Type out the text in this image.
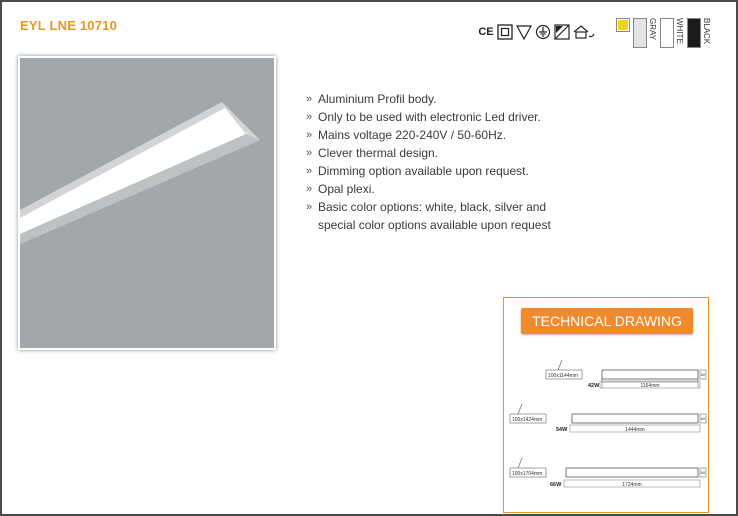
EYL LNE 10710	CE	GRAY WHITE BLACK
» Aluminium Profil body.
» Only to be used with electronic Led driver.
» Mains voltage 220-240V / 50-60Hz.
» Clever thermal design.
» Dimming option available upon request.
» Opal plexi.
» Basic color options: white, black, silver and special color options available upon request
TECHNICAL DRAWING
100x1144mm
1164mm
42W
60
100x1424mm
1444mm
54W
60
100x1704mm
1724mm
66W
60
